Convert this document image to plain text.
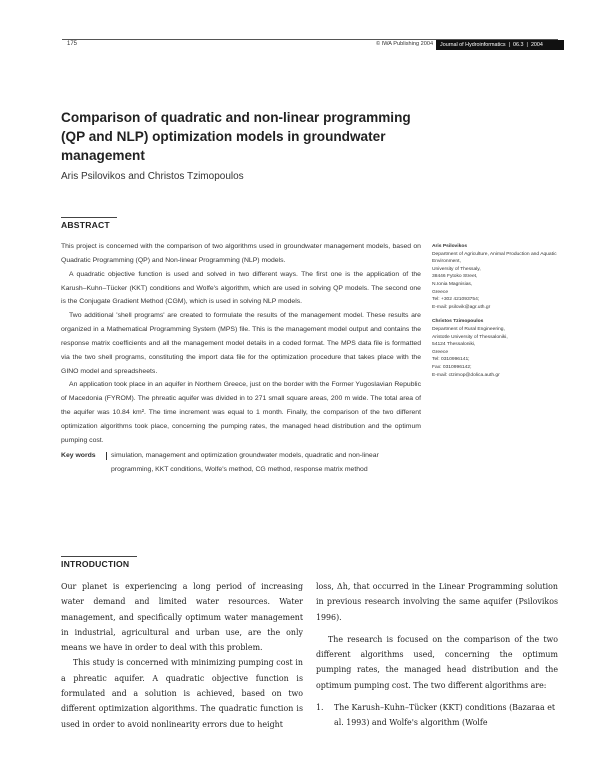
175	© IWA Publishing 2004	Journal of Hydroinformatics  |  06.3  |  2004
Comparison of quadratic and non-linear programming (QP and NLP) optimization models in groundwater management
Aris Psilovikos and Christos Tzimopoulos
ABSTRACT

This project is concerned with the comparison of two algorithms used in groundwater management models, based on Quadratic Programming (QP) and Non-linear Programming (NLP) models.

A quadratic objective function is used and solved in two different ways. The first one is the application of the Karush–Kuhn–Tücker (KKT) conditions and Wolfe's algorithm, which are used in solving QP models. The second one is the Conjugate Gradient Method (CGM), which is used in solving NLP models.

Two additional 'shell programs' are created to formulate the results of the management model. These results are organized in a Mathematical Programming System (MPS) file. This is the management model output and contains the response matrix coefficients and all the management model details in a coded format. The MPS data file is formatted via the two shell programs, constituting the import data file for the optimization procedure that takes place with the GINO model and spreadsheets.

An application took place in an aquifer in Northern Greece, just on the border with the Former Yugoslavian Republic of Macedonia (FYROM). The phreatic aquifer was divided in to 271 small square areas, 200 m wide. The total area of the aquifer was 10.84 km². The time increment was equal to 1 month. Finally, the comparison of the two different optimization algorithms took place, concerning the pumping rates, the managed head distribution and the optimum pumping cost.

Key words	simulation, management and optimization groundwater models, quadratic and non-linear programming, KKT conditions, Wolfe's method, CG method, response matrix method
Aris Psilovikos
Department of Agriculture, Animal Production and Aquatic Environment,
University of Thessaly,
38446 Fytoko Street,
N.Ionia Magnisias,
Greece
Tel: +302 421093754;
E-mail: psilovik@agr.uth.gr
Christos Tzimopoulos
Department of Rural Engineering,
Aristotle University of Thessaloniki,
54124 Thessaloniki,
Greece
Tel: 0310996141;
Fax: 0310996142;
E-mail: ctzimop@dolica.auth.gr
INTRODUCTION

Our planet is experiencing a long period of increasing water demand and limited water resources. Water management, and specifically optimum water management in industrial, agricultural and urban use, are the only means we have in order to deal with this problem.

This study is concerned with minimizing pumping cost in a phreatic aquifer. A quadratic objective function is formulated and a solution is achieved, based on two different optimization algorithms. The quadratic function is used in order to avoid nonlinearity errors due to height

loss, Δh, that occurred in the Linear Programming solution in previous research involving the same aquifer (Psilovikos 1996).

The research is focused on the comparison of the two different algorithms used, concerning the optimum pumping rates, the managed head distribution and the optimum pumping cost. The two different algorithms are:

1.	The Karush–Kuhn–Tücker (KKT) conditions (Bazaraa et al. 1993) and Wolfe's algorithm (Wolfe
